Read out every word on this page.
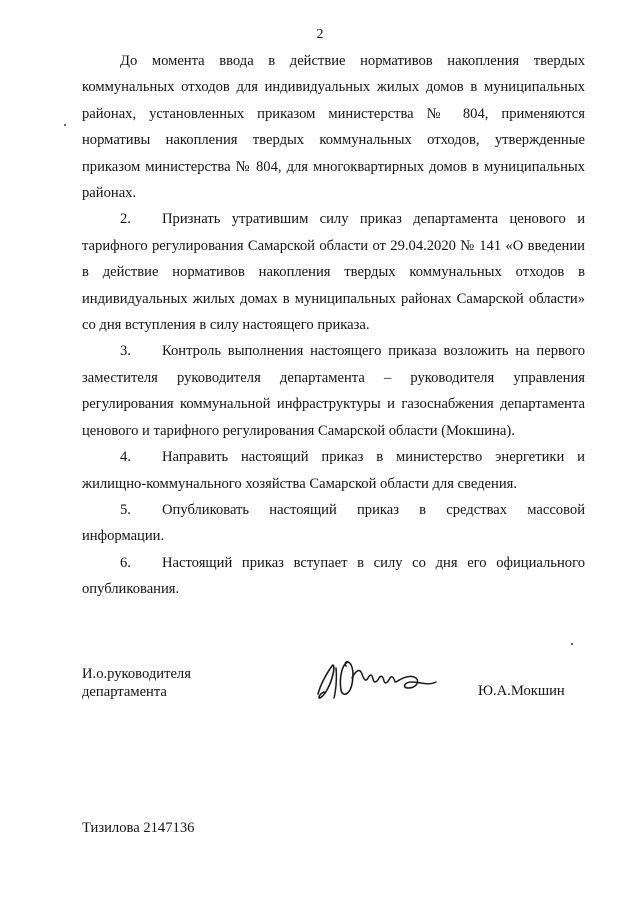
2

До момента ввода в действие нормативов накопления твердых коммунальных отходов для индивидуальных жилых домов в муниципальных районах, установленных приказом министерства № 804, применяются нормативы накопления твердых коммунальных отходов, утвержденные приказом министерства № 804, для многоквартирных домов в муниципальных районах.

2. Признать утратившим силу приказ департамента ценового и тарифного регулирования Самарской области от 29.04.2020 № 141 «О введении в действие нормативов накопления твердых коммунальных отходов в индивидуальных жилых домах в муниципальных районах Самарской области» со дня вступления в силу настоящего приказа.

3. Контроль выполнения настоящего приказа возложить на первого заместителя руководителя департамента – руководителя управления регулирования коммунальной инфраструктуры и газоснабжения департамента ценового и тарифного регулирования Самарской области (Мокшина).

4. Направить настоящий приказ в министерство энергетики и жилищно-коммунального хозяйства Самарской области для сведения.

5. Опубликовать настоящий приказ в средствах массовой информации.

6. Настоящий приказ вступает в силу со дня его официального опубликования.

И.о.руководителя
департамента	Ю.А.Мокшин
Тизилова 2147136
